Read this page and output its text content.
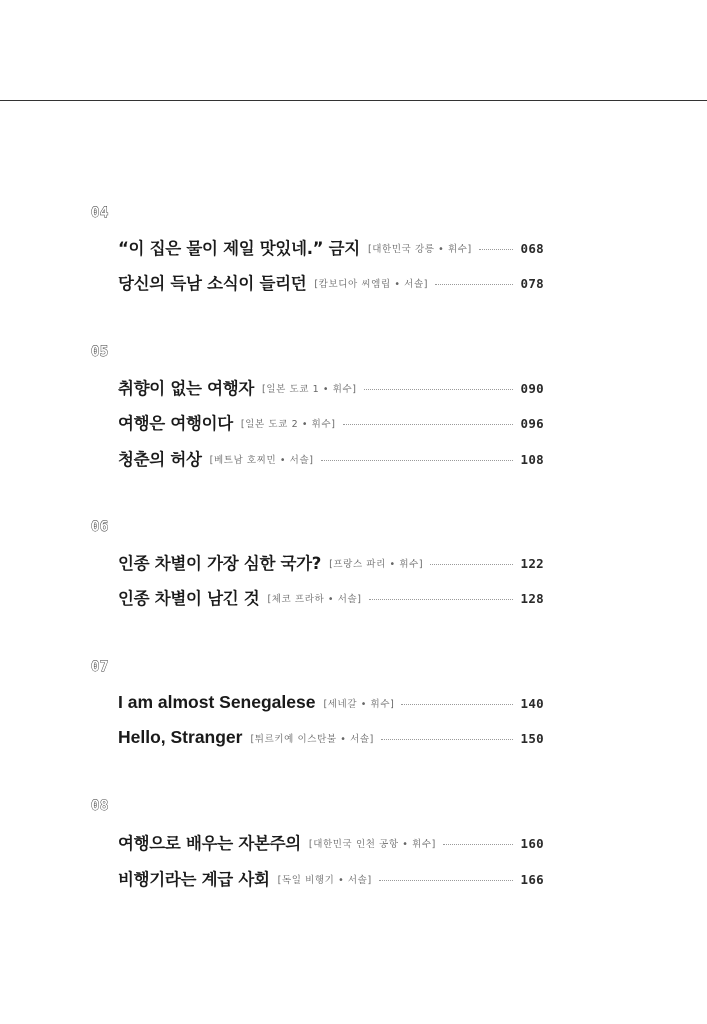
04
“이 집은 물이 제일 맛있네.” 금지 [대한민국 강릉 • 휘수]	068
당신의 득남 소식이 들리던 [캄보디아 씨엠립 • 서솔]	078
05
취향이 없는 여행자 [일본 도쿄 1 • 휘수]	090
여행은 여행이다 [일본 도쿄 2 • 휘수]	096
청춘의 허상 [베트남 호찌민 • 서솔]	108
06
인종 차별이 가장 심한 국가? [프랑스 파리 • 휘수]	122
인종 차별이 남긴 것 [체코 프라하 • 서솔]	128
07
I am almost Senegalese [세네갈 • 휘수]	140
Hello, Stranger [튀르키예 이스탄불 • 서솔]	150
08
여행으로 배우는 자본주의 [대한민국 인천 공항 • 휘수]	160
비행기라는 계급 사회 [독일 비행기 • 서솔]	166
